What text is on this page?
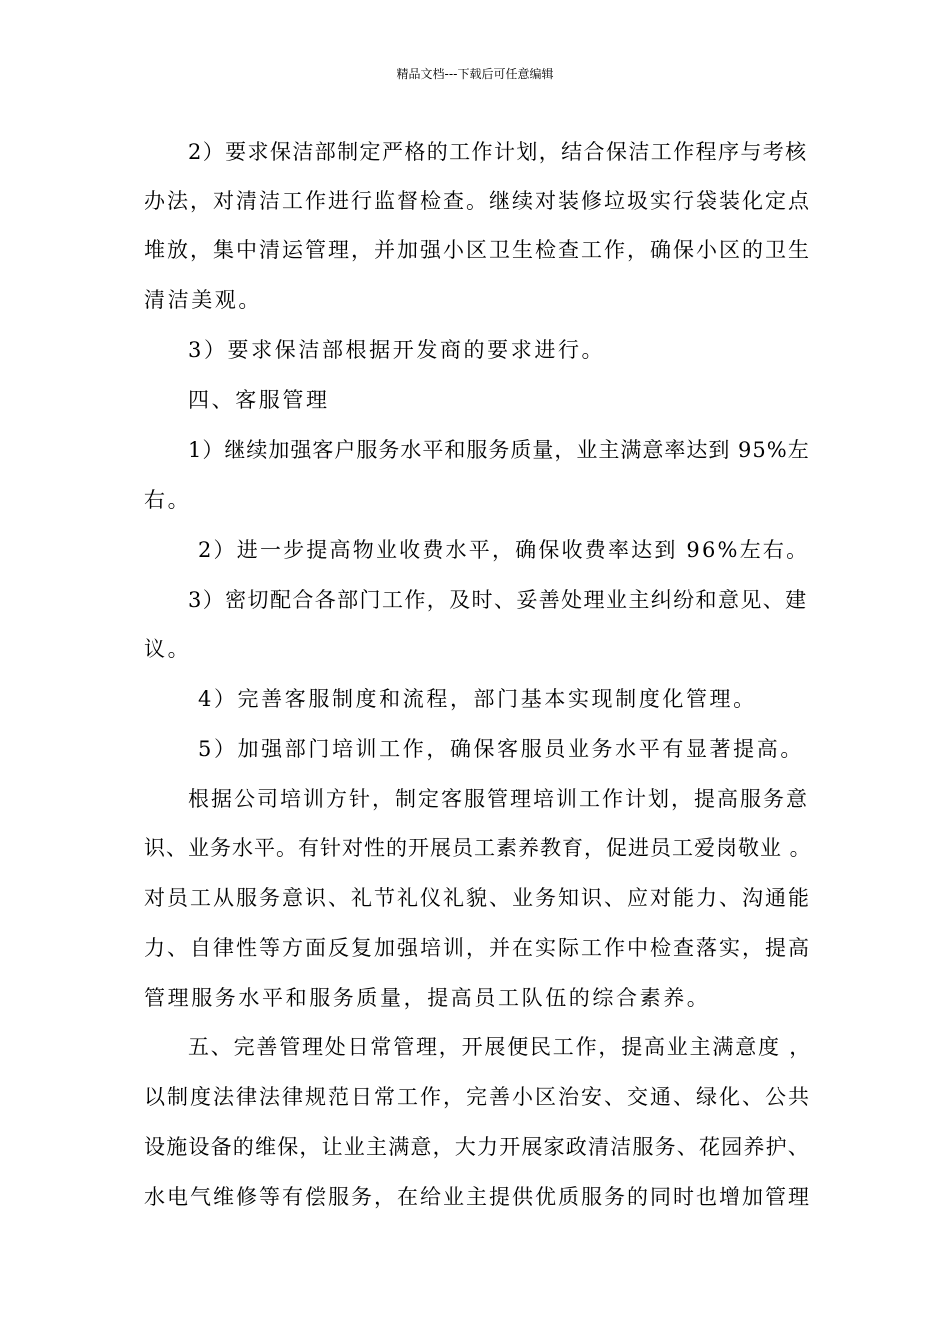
精品文档---下载后可任意编辑
2）要求保洁部制定严格的工作计划，结合保洁工作程序与考核
办法，对清洁工作进行监督检查。继续对装修垃圾实行袋装化定点
堆放，集中清运管理，并加强小区卫生检查工作，确保小区的卫生
清洁美观。
3）要求保洁部根据开发商的要求进行。
四、客服管理
1）继续加强客户服务水平和服务质量，业主满意率达到 95%左
右。
2）进一步提高物业收费水平，确保收费率达到 96%左右。
3）密切配合各部门工作，及时、妥善处理业主纠纷和意见、建
议。
4）完善客服制度和流程，部门基本实现制度化管理。
5）加强部门培训工作，确保客服员业务水平有显著提高。
根据公司培训方针，制定客服管理培训工作计划，提高服务意
识、业务水平。有针对性的开展员工素养教育，促进员工爱岗敬业 。
对员工从服务意识、礼节礼仪礼貌、业务知识、应对能力、沟通能
力、自律性等方面反复加强培训，并在实际工作中检查落实，提高
管理服务水平和服务质量，提高员工队伍的综合素养。
五、完善管理处日常管理，开展便民工作，提高业主满意度 ，
以制度法律法律规范日常工作，完善小区治安、交通、绿化、公共
设施设备的维保，让业主满意，大力开展家政清洁服务、花园养护、
水电气维修等有偿服务，在给业主提供优质服务的同时也增加管理
